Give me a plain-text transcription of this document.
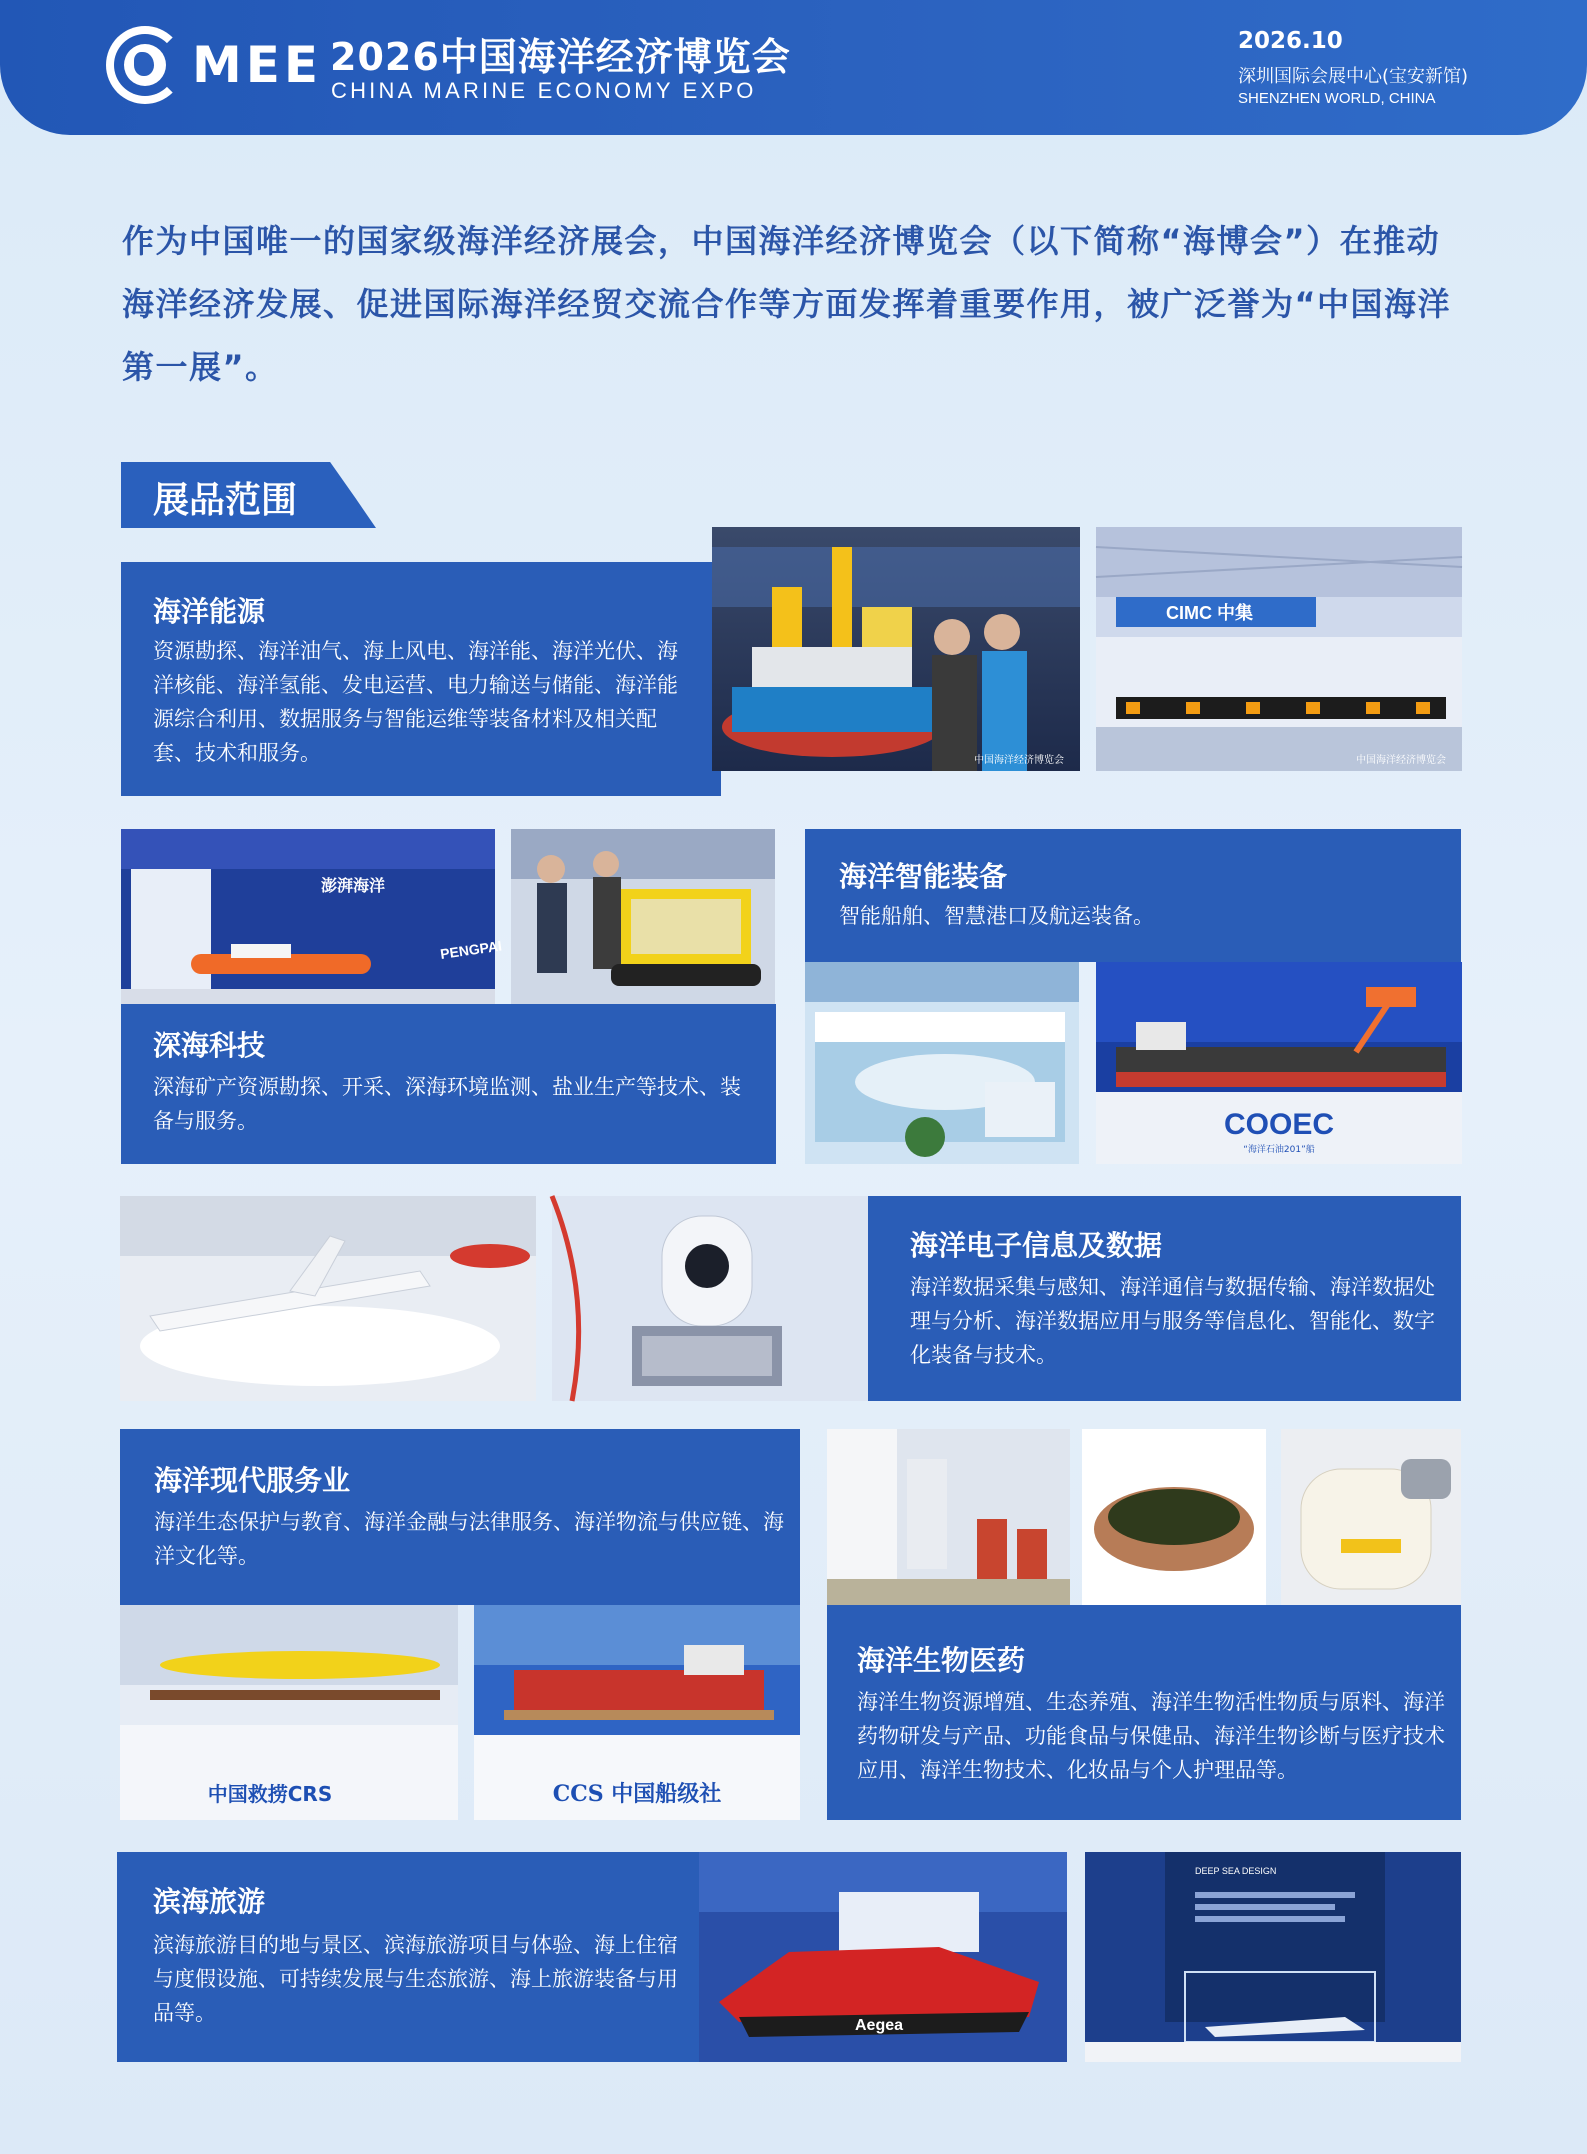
MEE 2026中国海洋经济博览会
CHINA MARINE ECONOMY EXPO
2026.10
深圳国际会展中心(宝安新馆)
SHENZHEN WORLD, CHINA
作为中国唯一的国家级海洋经济展会，中国海洋经济博览会（以下简称“海博会”）在推动海洋经济发展、促进国际海洋经贸交流合作等方面发挥着重要作用，被广泛誉为“中国海洋第一展”。
展品范围
海洋能源

资源勘探、海洋油气、海上风电、海洋能、海洋光伏、海洋核能、海洋氢能、发电运营、电力输送与储能、海洋能源综合利用、数据服务与智能运维等装备材料及相关配套、技术和服务。	中国海洋经济博览会
CIMC 中集
中国海洋经济博览会
澎湃海洋
PENGPAI
深海科技

深海矿产资源勘探、开采、深海环境监测、盐业生产等技术、装备与服务。

海洋智能装备

智能船舶、智慧港口及航运装备。

COOEC
“海洋石油201”船
海洋电子信息及数据

海洋数据采集与感知、海洋通信与数据传输、海洋数据处理与分析、海洋数据应用与服务等信息化、智能化、数字化装备与技术。

海洋现代服务业

海洋生态保护与教育、海洋金融与法律服务、海洋物流与供应链、海洋文化等。

中国救捞CRS	CCS 中国船级社
海洋生物医药

海洋生物资源增殖、生态养殖、海洋生物活性物质与原料、海洋药物研发与产品、功能食品与保健品、海洋生物诊断与医疗技术应用、海洋生物技术、化妆品与个人护理品等。

滨海旅游

滨海旅游目的地与景区、滨海旅游项目与体验、海上住宿与度假设施、可持续发展与生态旅游、海上旅游装备与用品等。

Aegea
DEEP SEA DESIGN
